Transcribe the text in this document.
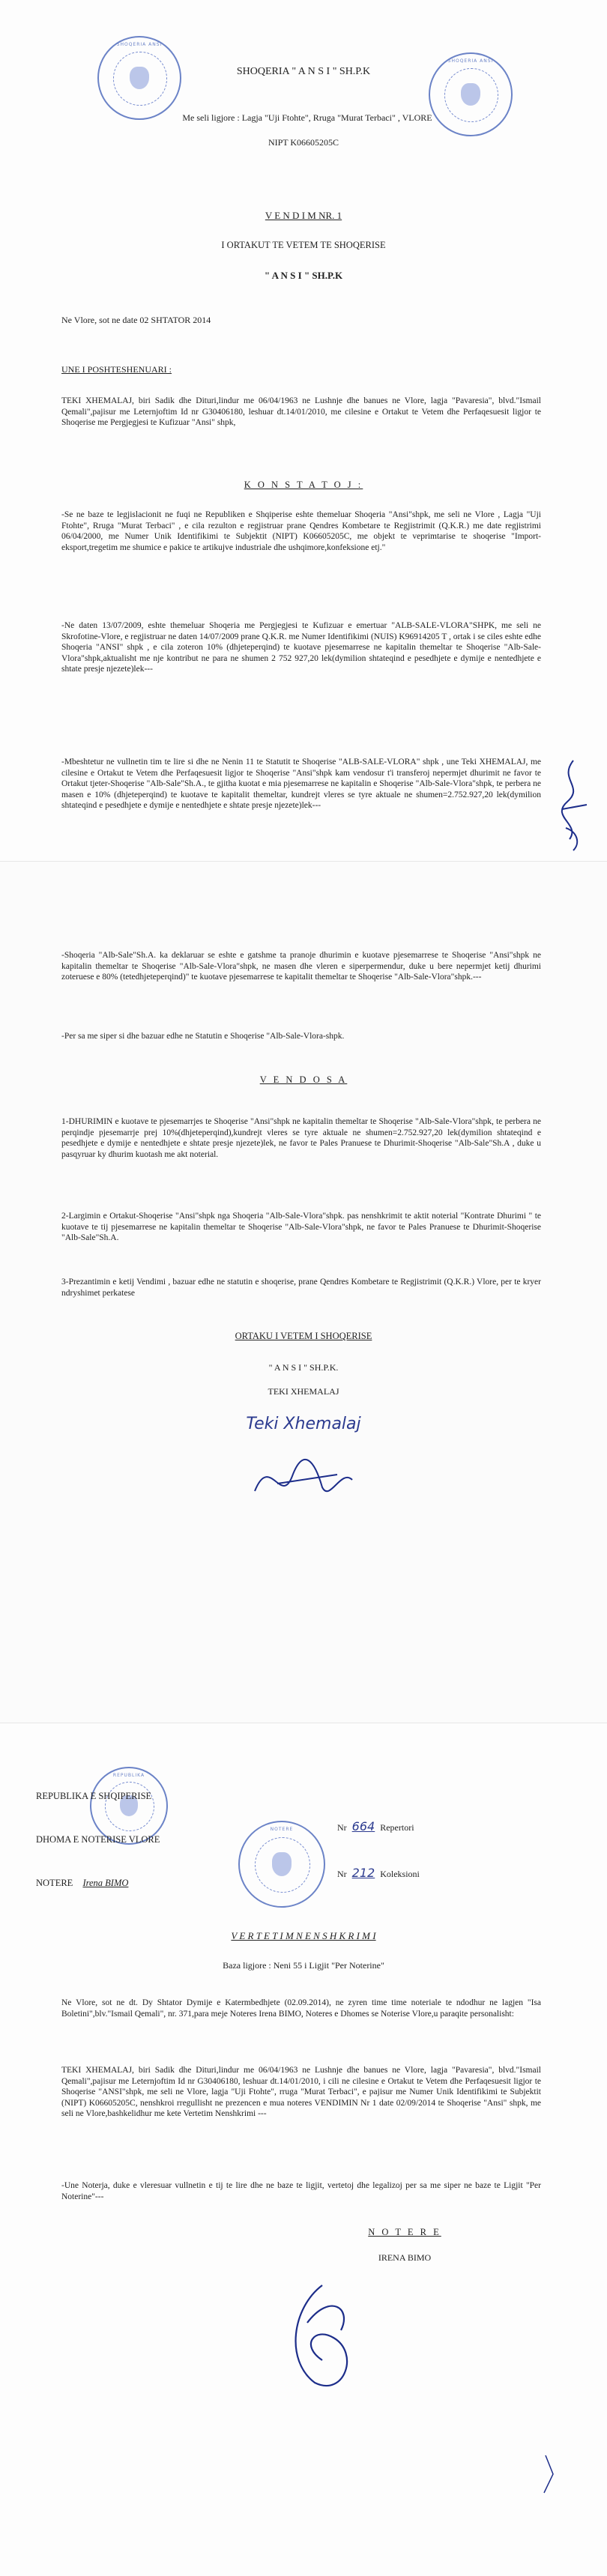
SHOQERIA ANSI
SHOQERIA ANSI
SHOQERIA " A N S I " SH.P.K
Me seli ligjore : Lagja "Uji Ftohte", Rruga "Murat Terbaci" , VLORE
NIPT K06605205C
V E N D I M NR. 1
I ORTAKUT TE VETEM TE SHOQERISE
" A N S I " SH.P.K
Ne Vlore, sot ne date 02 SHTATOR 2014
UNE I POSHTESHENUARI :
TEKI XHEMALAJ, biri Sadik dhe Dituri,lindur me 06/04/1963 ne Lushnje dhe banues ne Vlore, lagja "Pavaresia", blvd."Ismail Qemali",pajisur me Leternjoftim Id nr G30406180, leshuar dt.14/01/2010, me cilesine e Ortakut te Vetem dhe Perfaqesuesit ligjor te Shoqerise me Pergjegjesi te Kufizuar "Ansi" shpk,
K O N S T A T O J :
-Se ne baze te legjislacionit ne fuqi ne Republiken e Shqiperise eshte themeluar Shoqeria "Ansi"shpk, me seli ne Vlore , Lagja "Uji Ftohte", Rruga "Murat Terbaci" , e cila rezulton e regjistruar prane Qendres Kombetare te Regjistrimit (Q.K.R.) me date regjistrimi 06/04/2000, me Numer Unik Identifikimi te Subjektit (NIPT) K06605205C, me objekt te veprimtarise te shoqerise "Import-eksport,tregetim me shumice e pakice te artikujve industriale dhe ushqimore,konfeksione etj."
-Ne daten 13/07/2009, eshte themeluar Shoqeria me Pergjegjesi te Kufizuar e emertuar "ALB-SALE-VLORA"SHPK, me seli ne Skrofotine-Vlore, e regjistruar ne daten 14/07/2009 prane Q.K.R. me Numer Identifikimi (NUIS) K96914205 T , ortak i se ciles eshte edhe Shoqeria "ANSI" shpk , e cila zoteron 10% (dhjeteperqind) te kuotave pjesemarrese ne kapitalin themeltar te Shoqerise "Alb-Sale-Vlora"shpk,aktualisht me nje kontribut ne para ne shumen 2 752 927,20 lek(dymilion shtateqind e pesedhjete e dymije e nentedhjete e shtate presje njezete)lek---
-Mbeshtetur ne vullnetin tim te lire si dhe ne Nenin 11 te Statutit te Shoqerise "ALB-SALE-VLORA" shpk , une Teki XHEMALAJ, me cilesine e Ortakut te Vetem dhe Perfaqesuesit ligjor te Shoqerise "Ansi"shpk kam vendosur t'i transferoj nepermjet dhurimit ne favor te Ortakut tjeter-Shoqerise "Alb-Sale"Sh.A., te gjitha kuotat e mia pjesemarrese ne kapitalin e Shoqerise "Alb-Sale-Vlora"shpk, te perbera ne masen e 10% (dhjeteperqind) te kuotave te kapitalit themeltar, kundrejt vleres se tyre aktuale ne shumen=2.752.927,20 lek(dymilion shtateqind e pesedhjete e dymije e nentedhjete e shtate presje njezete)lek---
-Shoqeria "Alb-Sale"Sh.A. ka deklaruar se eshte e gatshme ta pranoje dhurimin e kuotave pjesemarrese te Shoqerise "Ansi"shpk ne kapitalin themeltar te Shoqerise "Alb-Sale-Vlora"shpk, ne masen dhe vleren e siperpermendur, duke u bere nepermjet ketij dhurimi zoteruese e 80% (tetedhjeteperqind)" te kuotave pjesemarrese te kapitalit themeltar te Shoqerise "Alb-Sale-Vlora"shpk.---
-Per sa me siper si dhe bazuar edhe ne Statutin e Shoqerise "Alb-Sale-Vlora-shpk.
V E N D O S A
1-DHURIMIN e kuotave te pjesemarrjes te Shoqerise "Ansi"shpk ne kapitalin themeltar te Shoqerise "Alb-Sale-Vlora"shpk, te perbera ne perqindje pjesemarrje prej 10%(dhjeteperqind),kundrejt vleres se tyre aktuale ne shumen=2.752.927,20 lek(dymilion shtateqind e pesedhjete e dymije e nentedhjete e shtate presje njezete)lek, ne favor te Pales Pranuese te Dhurimit-Shoqerise "Alb-Sale"Sh.A , duke u pasqyruar ky dhurim kuotash me akt noterial.
2-Largimin e Ortakut-Shoqerise "Ansi"shpk nga Shoqeria "Alb-Sale-Vlora"shpk. pas nenshkrimit te aktit noterial "Kontrate Dhurimi " te kuotave te tij pjesemarrese ne kapitalin themeltar te Shoqerise "Alb-Sale-Vlora"shpk, ne favor te Pales Pranuese te Dhurimit-Shoqerise "Alb-Sale"Sh.A.
3-Prezantimin e ketij Vendimi , bazuar edhe ne statutin e shoqerise, prane Qendres Kombetare te Regjistrimit (Q.K.R.) Vlore, per te kryer ndryshimet perkatese
ORTAKU I VETEM I SHOQERISE
" A N S I " SH.P.K.
TEKI XHEMALAJ
Teki Xhemalaj
REPUBLIKA
NOTERE
REPUBLIKA E SHQIPERISE
DHOMA E NOTERISE VLORE
NOTERE Irena BIMO
Nr 664 Repertori
Nr 212 Koleksioni
V E R T E T I M N E N S H K R I M I
Baza ligjore : Neni 55 i Ligjit "Per Noterine"
Ne Vlore, sot ne dt. Dy Shtator Dymije e Katermbedhjete (02.09.2014), ne zyren time time noteriale te ndodhur ne lagjen "Isa Boletini",blv."Ismail Qemali", nr. 371,para meje Noteres Irena BIMO, Noteres e Dhomes se Noterise Vlore,u paraqite personalisht:
TEKI XHEMALAJ, biri Sadik dhe Dituri,lindur me 06/04/1963 ne Lushnje dhe banues ne Vlore, lagja "Pavaresia", blvd."Ismail Qemali",pajisur me Leternjoftim Id nr G30406180, leshuar dt.14/01/2010, i cili ne cilesine e Ortakut te Vetem dhe Perfaqesuesit ligjor te Shoqerise "ANSI"shpk, me seli ne Vlore, lagja "Uji Ftohte", rruga "Murat Terbaci", e pajisur me Numer Unik Identifikimi te Subjektit (NIPT) K06605205C, nenshkroi rregullisht ne prezencen e mua noteres VENDIMIN Nr 1 date 02/09/2014 te Shoqerise "Ansi" shpk, me seli ne Vlore,bashkelidhur me kete Vertetim Nenshkrimi ---
-Une Noterja, duke e vleresuar vullnetin e tij te lire dhe ne baze te ligjit, vertetoj dhe legalizoj per sa me siper ne baze te Ligjit "Per Noterine"---
N O T E R E
IRENA BIMO
